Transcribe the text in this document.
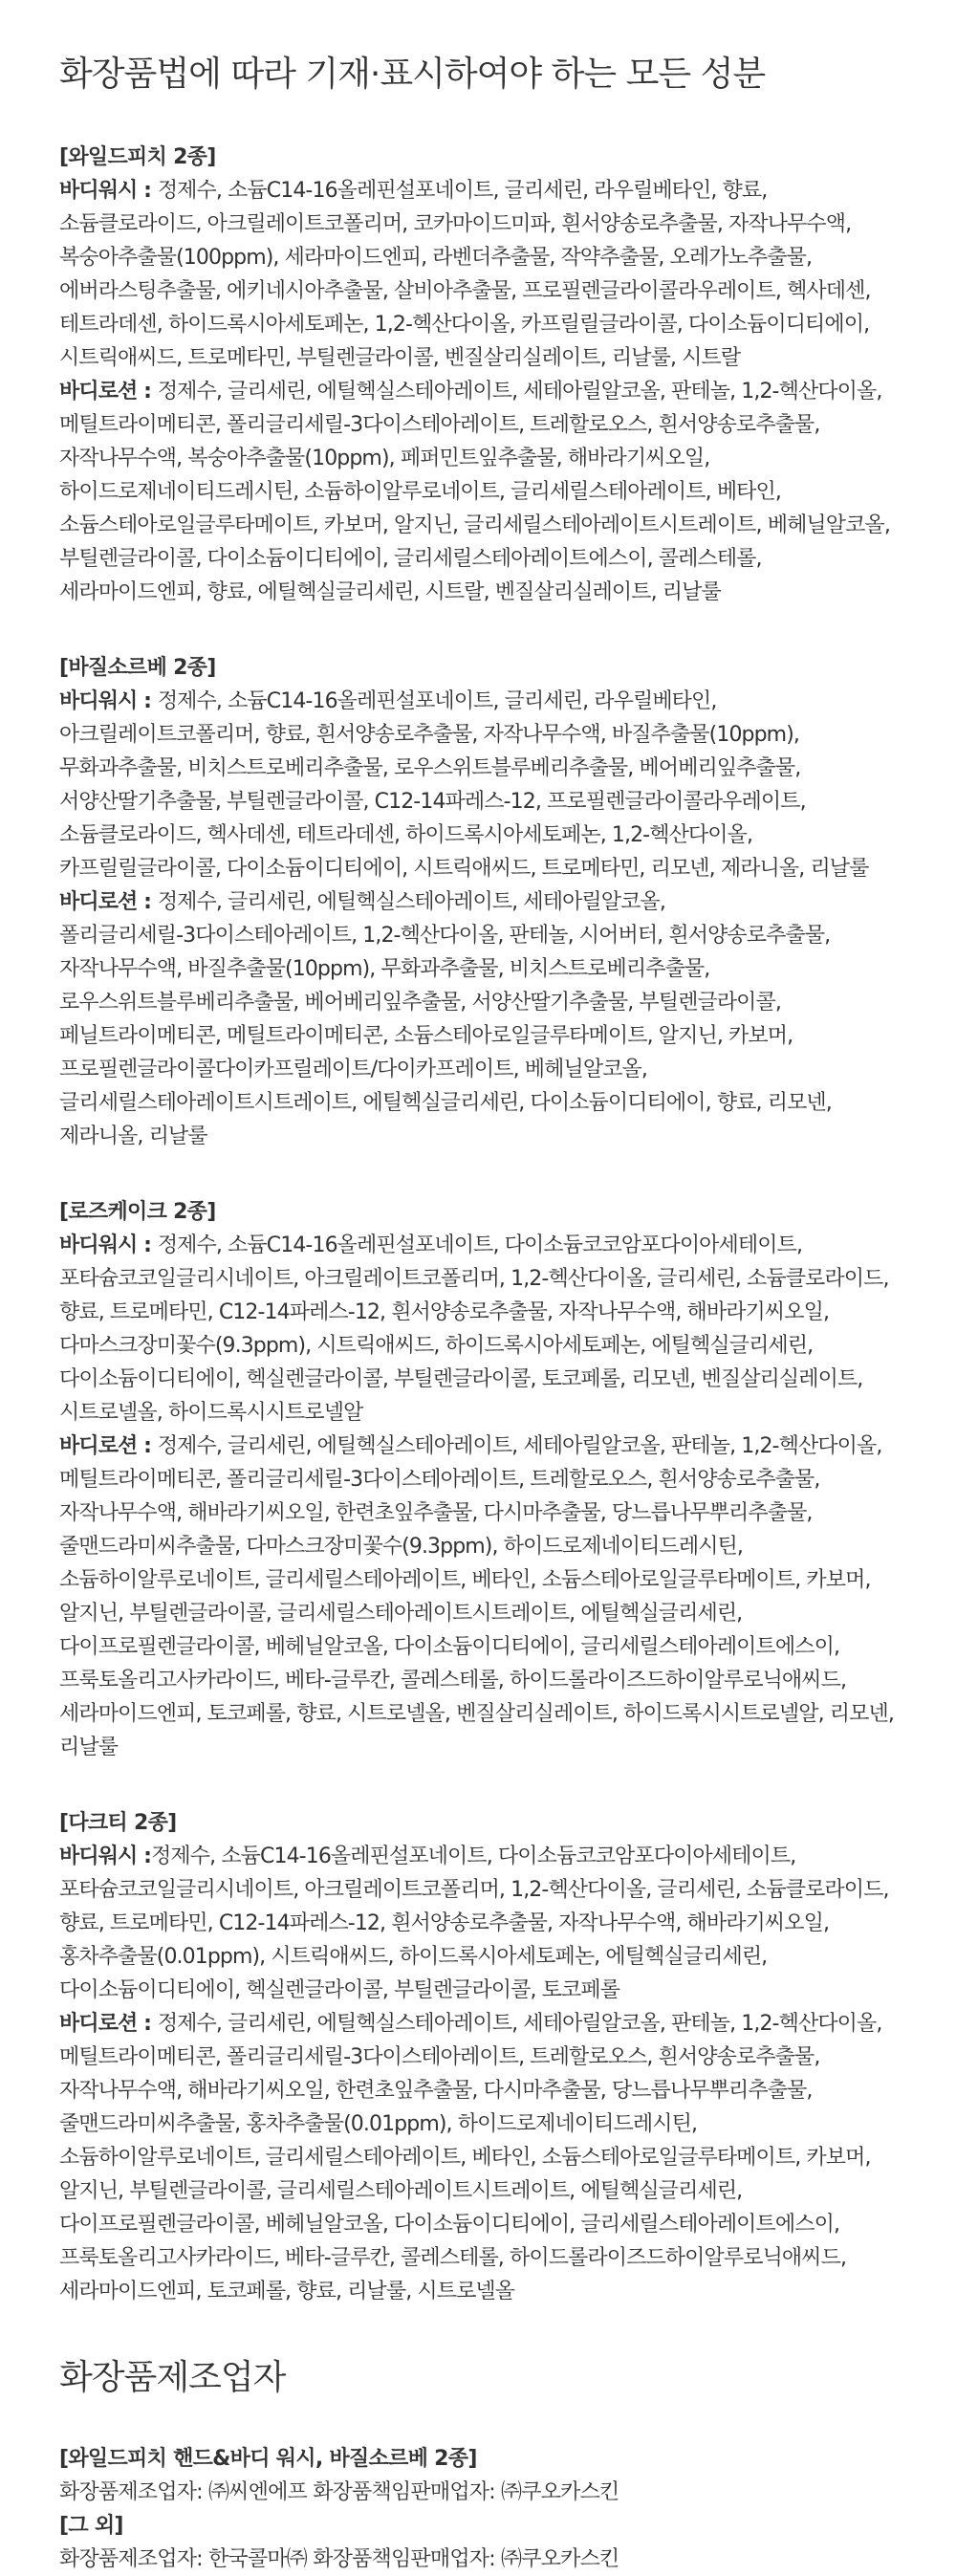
화장품법에 따라 기재·표시하여야 하는 모든 성분
[와일드피치 2종]
바디워시 : 정제수, 소듐C14-16올레핀설포네이트, 글리세린, 라우릴베타인, 향료, 소듐클로라이드, 아크릴레이트코폴리머, 코카마이드미파, 흰서양송로추출물, 자작나무수액, 복숭아추출물(100ppm), 세라마이드엔피, 라벤더추출물, 작약추출물, 오레가노추출물, 에버라스팅추출물, 에키네시아추출물, 살비아추출물, 프로필렌글라이콜라우레이트, 헥사데센, 테트라데센, 하이드록시아세토페논, 1,2-헥산다이올, 카프릴릴글라이콜, 다이소듐이디티에이, 시트릭애씨드, 트로메타민, 부틸렌글라이콜, 벤질살리실레이트, 리날룰, 시트랄
바디로션 : 정제수, 글리세린, 에틸헥실스테아레이트, 세테아릴알코올, 판테놀, 1,2-헥산다이올, 메틸트라이메티콘, 폴리글리세릴-3다이스테아레이트, 트레할로오스, 흰서양송로추출물, 자작나무수액, 복숭아추출물(10ppm), 페퍼민트잎추출물, 해바라기씨오일, 하이드로제네이티드레시틴, 소듐하이알루로네이트, 글리세릴스테아레이트, 베타인, 소듐스테아로일글루타메이트, 카보머, 알지닌, 글리세릴스테아레이트시트레이트, 베헤닐알코올, 부틸렌글라이콜, 다이소듐이디티에이, 글리세릴스테아레이트에스이, 콜레스테롤, 세라마이드엔피, 향료, 에틸헥실글리세린, 시트랄, 벤질살리실레이트, 리날룰
[바질소르베 2종]
바디워시 : 정제수, 소듐C14-16올레핀설포네이트, 글리세린, 라우릴베타인, 아크릴레이트코폴리머, 향료, 흰서양송로추출물, 자작나무수액, 바질추출물(10ppm), 무화과추출물, 비치스트로베리추출물, 로우스위트블루베리추출물, 베어베리잎추출물, 서양산딸기추출물, 부틸렌글라이콜, C12-14파레스-12, 프로필렌글라이콜라우레이트, 소듐클로라이드, 헥사데센, 테트라데센, 하이드록시아세토페논, 1,2-헥산다이올, 카프릴릴글라이콜, 다이소듐이디티에이, 시트릭애씨드, 트로메타민, 리모넨, 제라니올, 리날룰
바디로션 : 정제수, 글리세린, 에틸헥실스테아레이트, 세테아릴알코올, 폴리글리세릴-3다이스테아레이트, 1,2-헥산다이올, 판테놀, 시어버터, 흰서양송로추출물, 자작나무수액, 바질추출물(10ppm), 무화과추출물, 비치스트로베리추출물, 로우스위트블루베리추출물, 베어베리잎추출물, 서양산딸기추출물, 부틸렌글라이콜, 페닐트라이메티콘, 메틸트라이메티콘, 소듐스테아로일글루타메이트, 알지닌, 카보머, 프로필렌글라이콜다이카프릴레이트/다이카프레이트, 베헤닐알코올, 글리세릴스테아레이트시트레이트, 에틸헥실글리세린, 다이소듐이디티에이, 향료, 리모넨, 제라니올, 리날룰
[로즈케이크 2종]
바디워시 : 정제수, 소듐C14-16올레핀설포네이트, 다이소듐코코암포다이아세테이트, 포타슘코코일글리시네이트, 아크릴레이트코폴리머, 1,2-헥산다이올, 글리세린, 소듐클로라이드, 향료, 트로메타민, C12-14파레스-12, 흰서양송로추출물, 자작나무수액, 해바라기씨오일, 다마스크장미꽃수(9.3ppm), 시트릭애씨드, 하이드록시아세토페논, 에틸헥실글리세린, 다이소듐이디티에이, 헥실렌글라이콜, 부틸렌글라이콜, 토코페롤, 리모넨, 벤질살리실레이트, 시트로넬올, 하이드록시시트로넬알
바디로션 : 정제수, 글리세린, 에틸헥실스테아레이트, 세테아릴알코올, 판테놀, 1,2-헥산다이올, 메틸트라이메티콘, 폴리글리세릴-3다이스테아레이트, 트레할로오스, 흰서양송로추출물, 자작나무수액, 해바라기씨오일, 한련초잎추출물, 다시마추출물, 당느릅나무뿌리추출물, 줄맨드라미씨추출물, 다마스크장미꽃수(9.3ppm), 하이드로제네이티드레시틴, 소듐하이알루로네이트, 글리세릴스테아레이트, 베타인, 소듐스테아로일글루타메이트, 카보머, 알지닌, 부틸렌글라이콜, 글리세릴스테아레이트시트레이트, 에틸헥실글리세린, 다이프로필렌글라이콜, 베헤닐알코올, 다이소듐이디티에이, 글리세릴스테아레이트에스이, 프룩토올리고사카라이드, 베타-글루칸, 콜레스테롤, 하이드롤라이즈드하이알루로닉애씨드, 세라마이드엔피, 토코페롤, 향료, 시트로넬올, 벤질살리실레이트, 하이드록시시트로넬알, 리모넨, 리날룰
[다크티 2종]
바디워시 :정제수, 소듐C14-16올레핀설포네이트, 다이소듐코코암포다이아세테이트, 포타슘코코일글리시네이트, 아크릴레이트코폴리머, 1,2-헥산다이올, 글리세린, 소듐클로라이드, 향료, 트로메타민, C12-14파레스-12, 흰서양송로추출물, 자작나무수액, 해바라기씨오일, 홍차추출물(0.01ppm), 시트릭애씨드, 하이드록시아세토페논, 에틸헥실글리세린,다이소듐이디티에이, 헥실렌글라이콜, 부틸렌글라이콜, 토코페롤
바디로션 : 정제수, 글리세린, 에틸헥실스테아레이트, 세테아릴알코올, 판테놀, 1,2-헥산다이올, 메틸트라이메티콘, 폴리글리세릴-3다이스테아레이트, 트레할로오스, 흰서양송로추출물, 자작나무수액, 해바라기씨오일, 한련초잎추출물, 다시마추출물, 당느릅나무뿌리추출물, 줄맨드라미씨추출물, 홍차추출물(0.01ppm), 하이드로제네이티드레시틴, 소듐하이알루로네이트, 글리세릴스테아레이트, 베타인, 소듐스테아로일글루타메이트, 카보머, 알지닌, 부틸렌글라이콜, 글리세릴스테아레이트시트레이트, 에틸헥실글리세린, 다이프로필렌글라이콜, 베헤닐알코올, 다이소듐이디티에이, 글리세릴스테아레이트에스이, 프룩토올리고사카라이드, 베타-글루칸, 콜레스테롤, 하이드롤라이즈드하이알루로닉애씨드, 세라마이드엔피, 토코페롤, 향료, 리날룰, 시트로넬올
화장품제조업자
[와일드피치 핸드&바디 워시, 바질소르베 2종]
화장품제조업자: ㈜씨엔에프 화장품책임판매업자: ㈜쿠오카스킨
[그 외]
화장품제조업자: 한국콜마㈜ 화장품책임판매업자: ㈜쿠오카스킨
